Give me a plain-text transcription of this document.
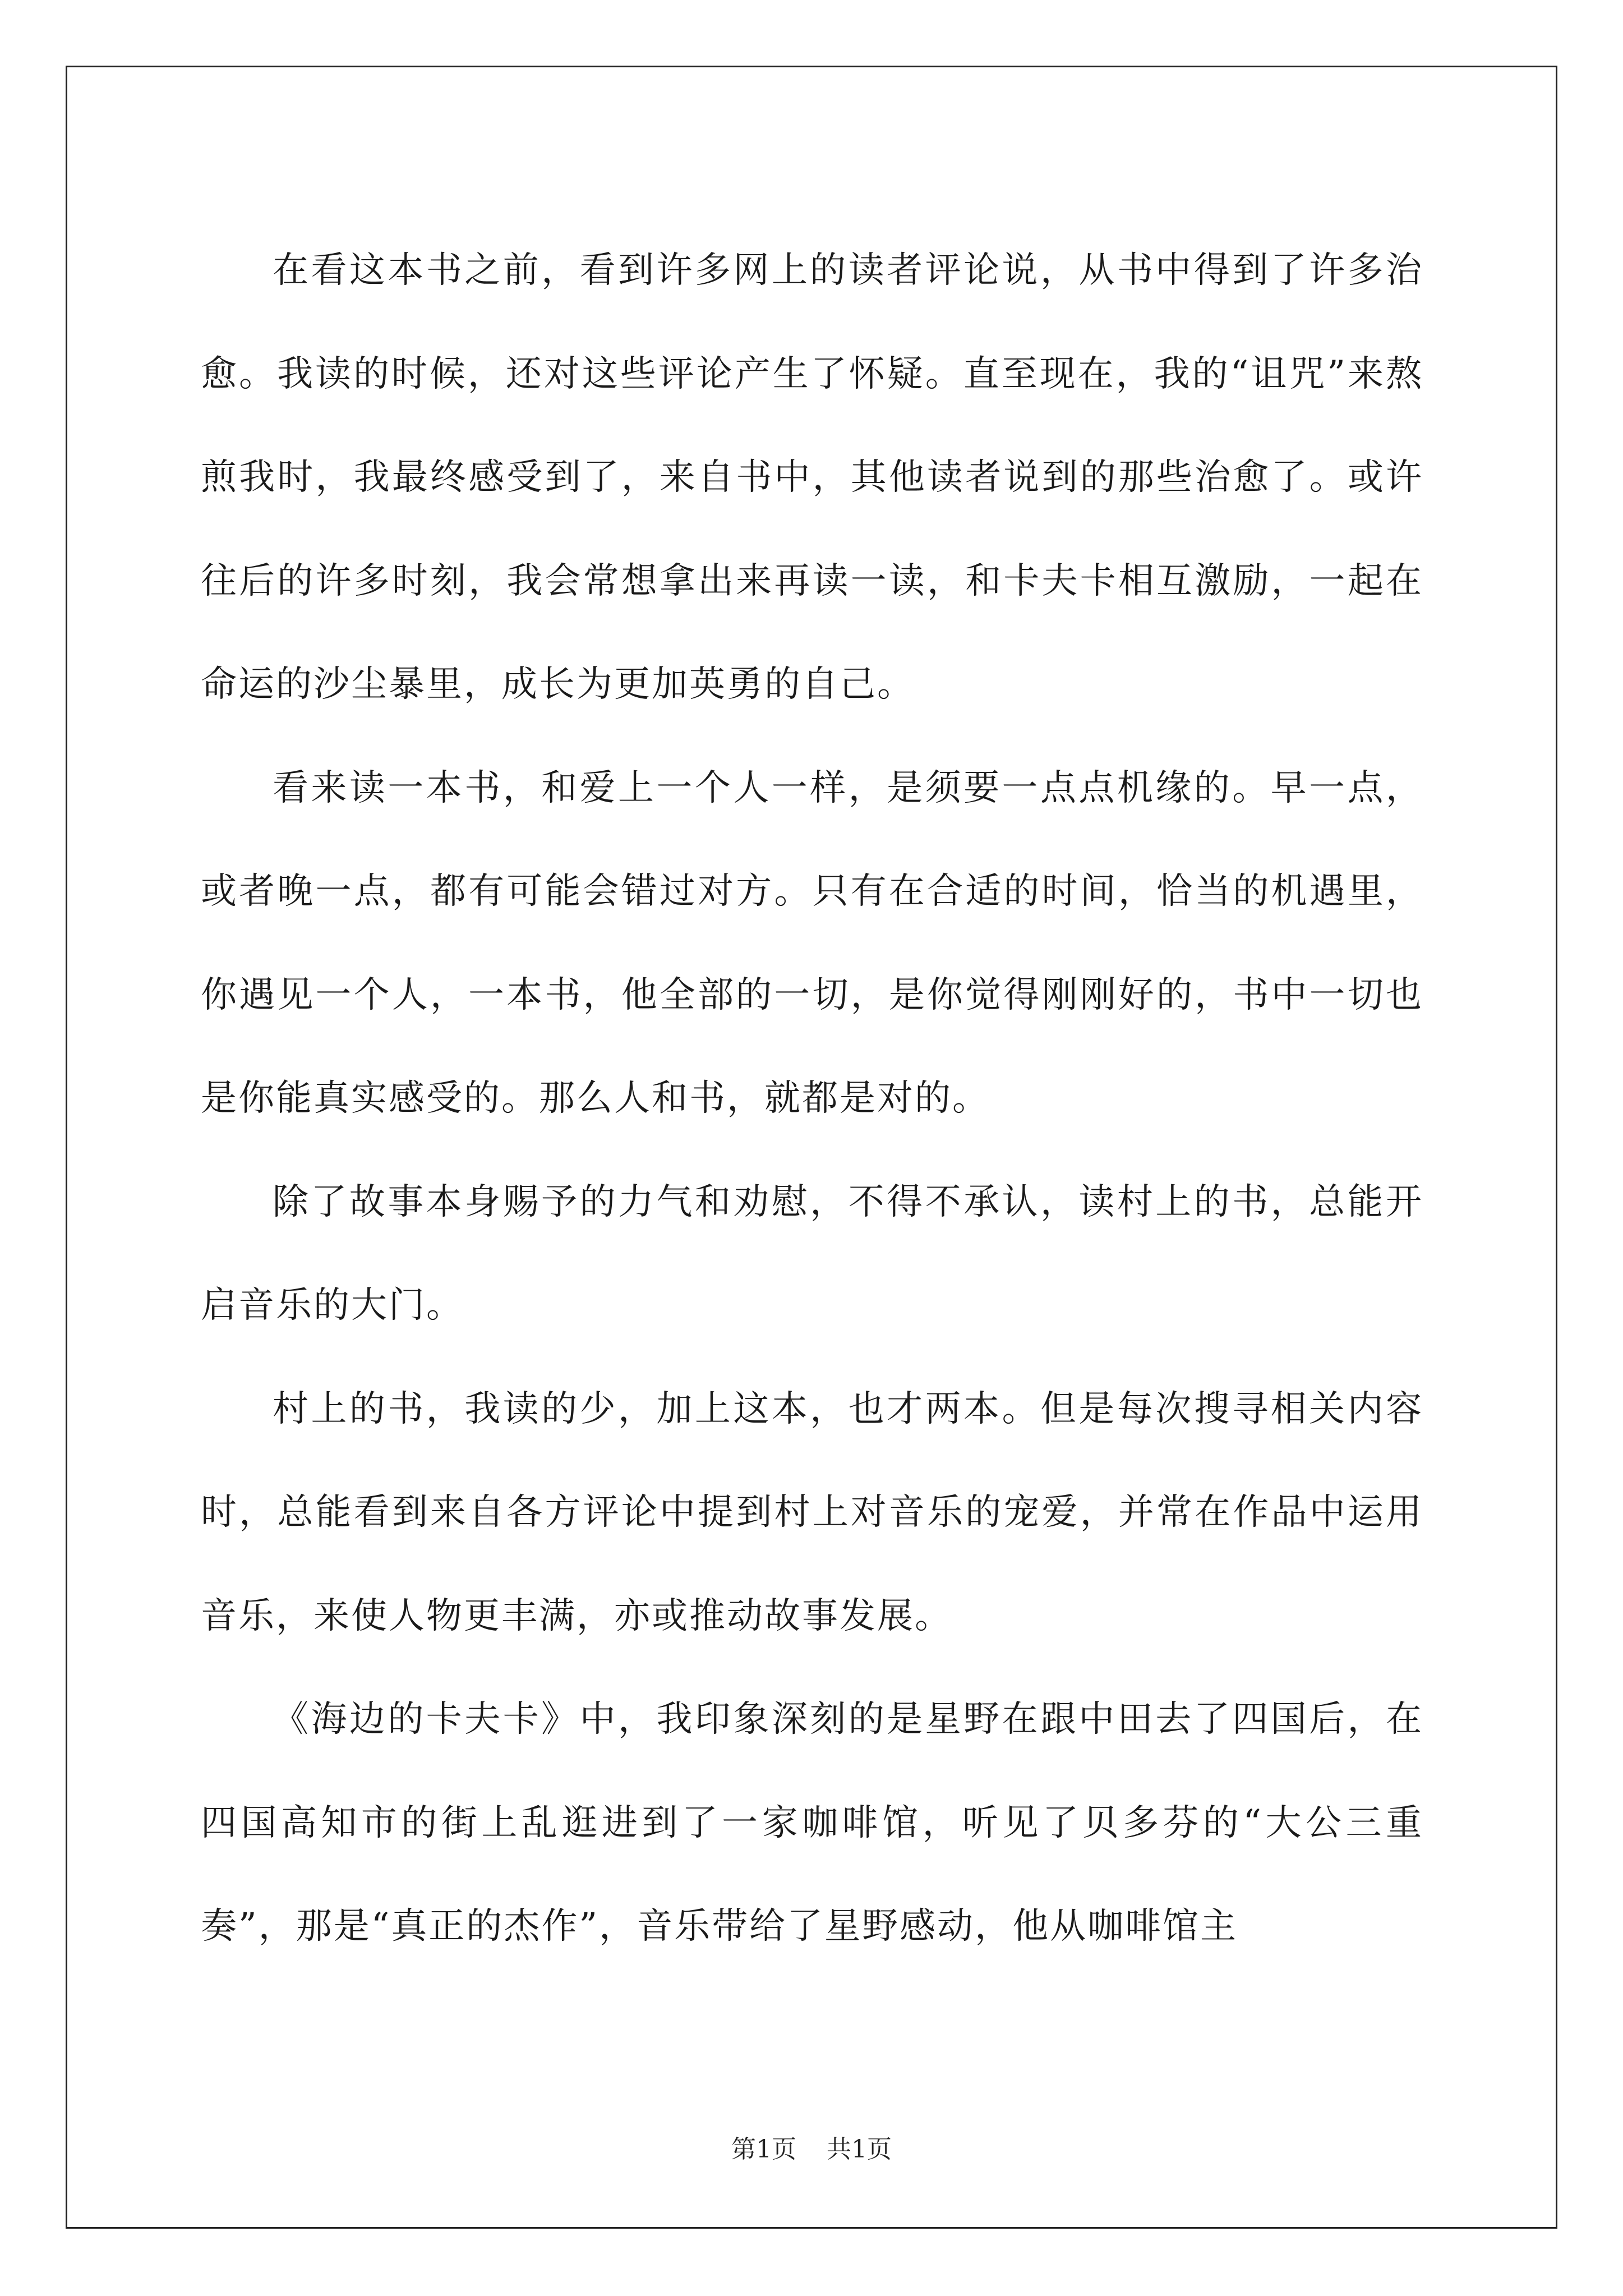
在看这本书之前，看到许多网上的读者评论说，从书中得到了许多治愈。我读的时候，还对这些评论产生了怀疑。直至现在，我的“诅咒”来熬煎我时，我最终感受到了，来自书中，其他读者说到的那些治愈了。或许往后的许多时刻，我会常想拿出来再读一读，和卡夫卡相互激励，一起在命运的沙尘暴里，成长为更加英勇的自己。

看来读一本书，和爱上一个人一样，是须要一点点机缘的。早一点，或者晚一点，都有可能会错过对方。只有在合适的时间，恰当的机遇里，你遇见一个人，一本书，他全部的一切，是你觉得刚刚好的，书中一切也是你能真实感受的。那么人和书，就都是对的。

除了故事本身赐予的力气和劝慰，不得不承认，读村上的书，总能开启音乐的大门。

村上的书，我读的少，加上这本，也才两本。但是每次搜寻相关内容时，总能看到来自各方评论中提到村上对音乐的宠爱，并常在作品中运用音乐，来使人物更丰满，亦或推动故事发展。

《海边的卡夫卡》中，我印象深刻的是星野在跟中田去了四国后，在四国高知市的街上乱逛进到了一家咖啡馆，听见了贝多芬的“大公三重奏”，那是“真正的杰作”，音乐带给了星野感动，他从咖啡馆主

第1页 共1页
